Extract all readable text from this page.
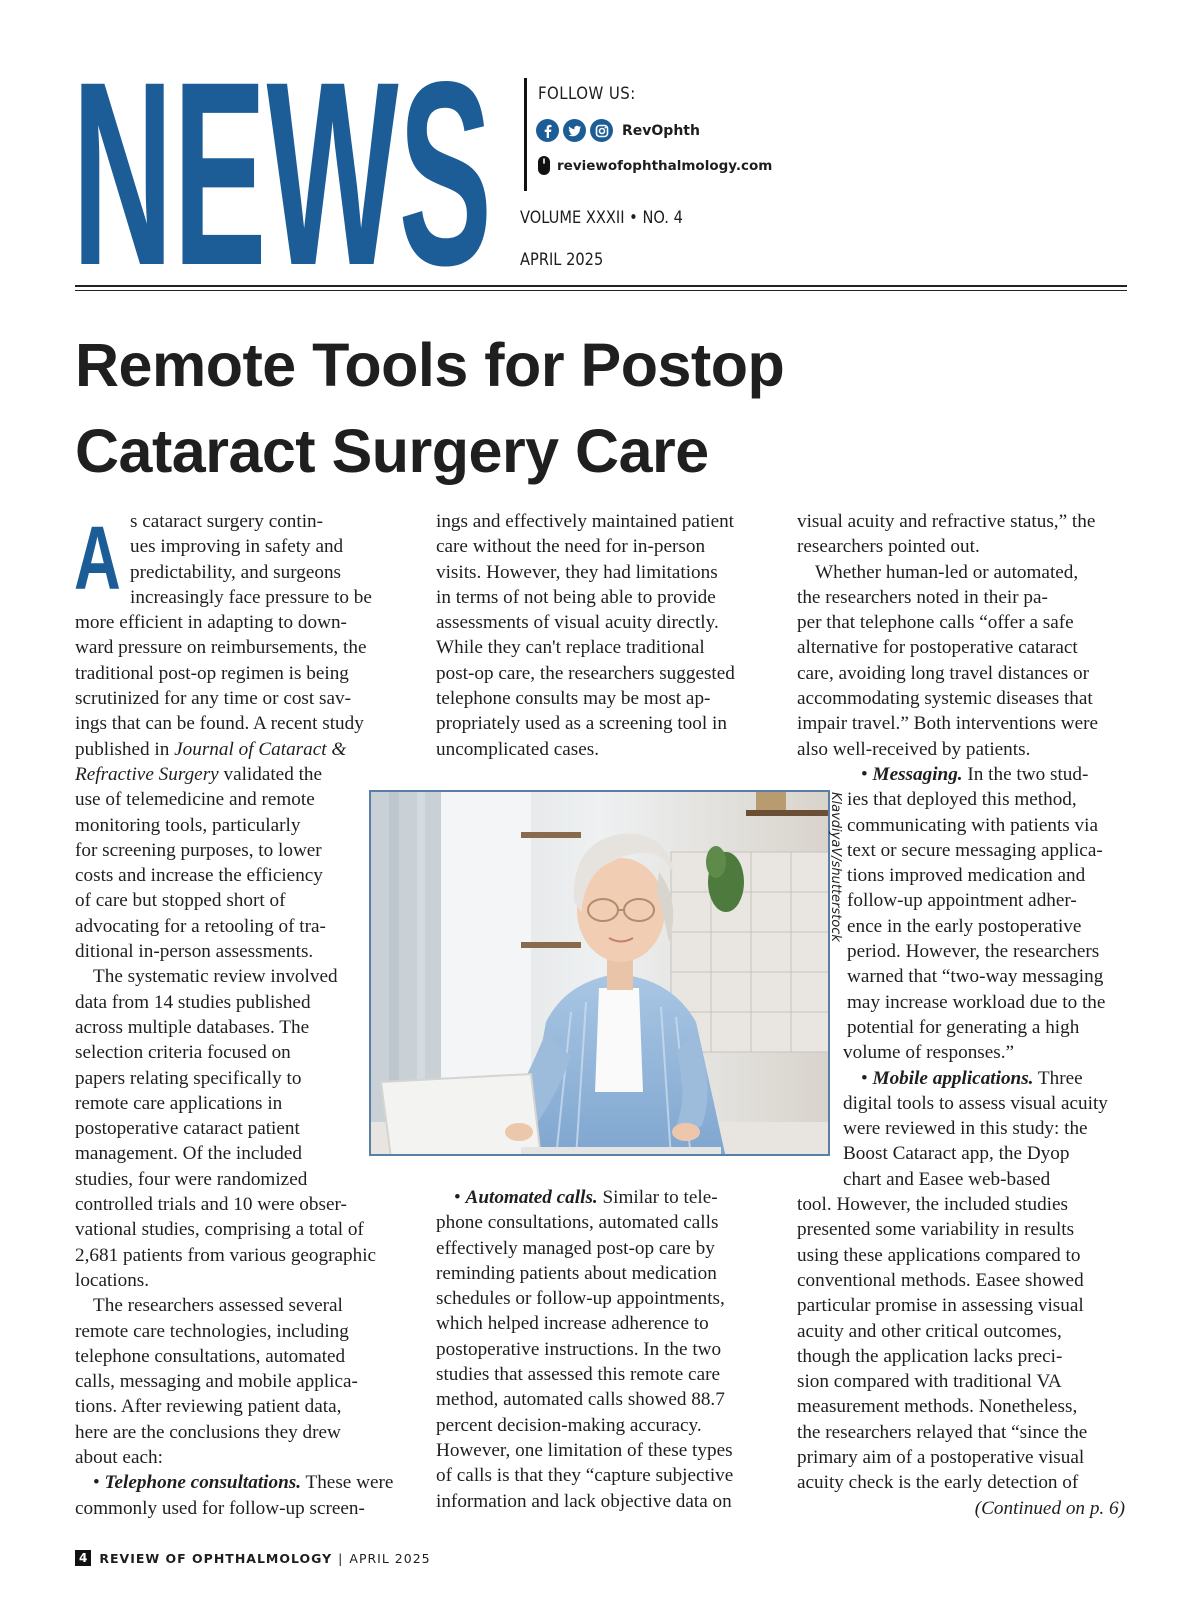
NEWS	FOLLOW US:
RevOphth
reviewofophthalmology.com
VOLUME XXXII • NO. 4
APRIL 2025
Remote Tools for Postop
Cataract Surgery Care
A s cataract surgery contin-
ues improving in safety and
predictability, and surgeons
increasingly face pressure to be
more efficient in adapting to down-
ward pressure on reimbursements, the
traditional post-op regimen is being
scrutinized for any time or cost sav-
ings that can be found. A recent study
published in Journal of Cataract &
Refractive Surgery validated the
use of telemedicine and remote
monitoring tools, particularly
for screening purposes, to lower
costs and increase the efficiency
of care but stopped short of
advocating for a retooling of tra-
ditional in-person assessments.
The systematic review involved
data from 14 studies published
across multiple databases. The
selection criteria focused on
papers relating specifically to
remote care applications in
postoperative cataract patient
management. Of the included
studies, four were randomized
controlled trials and 10 were obser-
vational studies, comprising a total of
2,681 patients from various geographic
locations.
The researchers assessed several
remote care technologies, including
telephone consultations, automated
calls, messaging and mobile applica-
tions. After reviewing patient data,
here are the conclusions they drew
about each:
• Telephone consultations. These were
commonly used for follow-up screen-
ings and effectively maintained patient
care without the need for in-person
visits. However, they had limitations
in terms of not being able to provide
assessments of visual acuity directly.
While they can't replace traditional
post-op care, the researchers suggested
telephone consults may be most ap-
propriately used as a screening tool in
uncomplicated cases.
KlavdiyaV/shutterstock
• Automated calls. Similar to tele-
phone consultations, automated calls
effectively managed post-op care by
reminding patients about medication
schedules or follow-up appointments,
which helped increase adherence to
postoperative instructions. In the two
studies that assessed this remote care
method, automated calls showed 88.7
percent decision-making accuracy.
However, one limitation of these types
of calls is that they “capture subjective
information and lack objective data on
visual acuity and refractive status,” the
researchers pointed out.
Whether human-led or automated,
the researchers noted in their pa-
per that telephone calls “offer a safe
alternative for postoperative cataract
care, avoiding long travel distances or
accommodating systemic diseases that
impair travel.” Both interventions were
also well-received by patients.
• Messaging. In the two stud-
ies that deployed this method,
communicating with patients via
text or secure messaging applica-
tions improved medication and
follow-up appointment adher-
ence in the early postoperative
period. However, the researchers
warned that “two-way messaging
may increase workload due to the
potential for generating a high
volume of responses.”
• Mobile applications. Three
digital tools to assess visual acuity
were reviewed in this study: the
Boost Cataract app, the Dyop
chart and Easee web-based
tool. However, the included studies
presented some variability in results
using these applications compared to
conventional methods. Easee showed
particular promise in assessing visual
acuity and other critical outcomes,
though the application lacks preci-
sion compared with traditional VA
measurement methods. Nonetheless,
the researchers relayed that “since the
primary aim of a postoperative visual
acuity check is the early detection of
(Continued on p. 6)
4 REVIEW OF OPHTHALMOLOGY | APRIL 2025
